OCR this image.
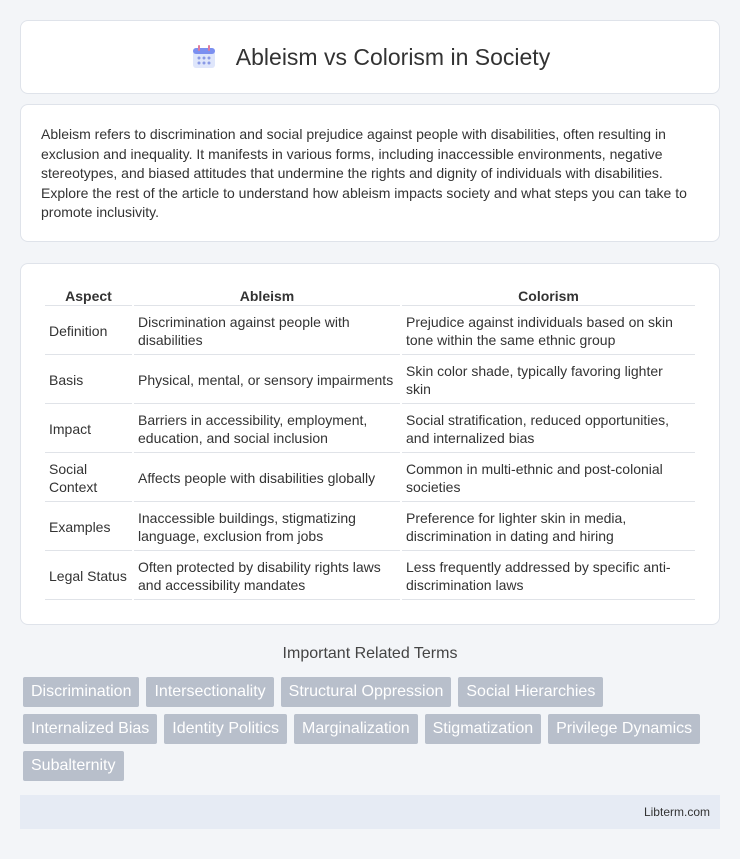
Ableism vs Colorism in Society

Ableism refers to discrimination and social prejudice against people with disabilities, often resulting in exclusion and inequality. It manifests in various forms, including inaccessible environments, negative stereotypes, and biased attitudes that undermine the rights and dignity of individuals with disabilities. Explore the rest of the article to understand how ableism impacts society and what steps you can take to promote inclusivity.

Aspect	Ableism	Colorism
Definition	Discrimination against people with disabilities	Prejudice against individuals based on skin tone within the same ethnic group
Basis	Physical, mental, or sensory impairments	Skin color shade, typically favoring lighter skin
Impact	Barriers in accessibility, employment, education, and social inclusion	Social stratification, reduced opportunities, and internalized bias
Social Context	Affects people with disabilities globally	Common in multi-ethnic and post-colonial societies
Examples	Inaccessible buildings, stigmatizing language, exclusion from jobs	Preference for lighter skin in media, discrimination in dating and hiring
Legal Status	Often protected by disability rights laws and accessibility mandates	Less frequently addressed by specific anti-discrimination laws
Important Related Terms
Discrimination	Intersectionality	Structural Oppression	Social Hierarchies
Internalized Bias	Identity Politics	Marginalization	Stigmatization	Privilege Dynamics
Subalternity
Libterm.com
